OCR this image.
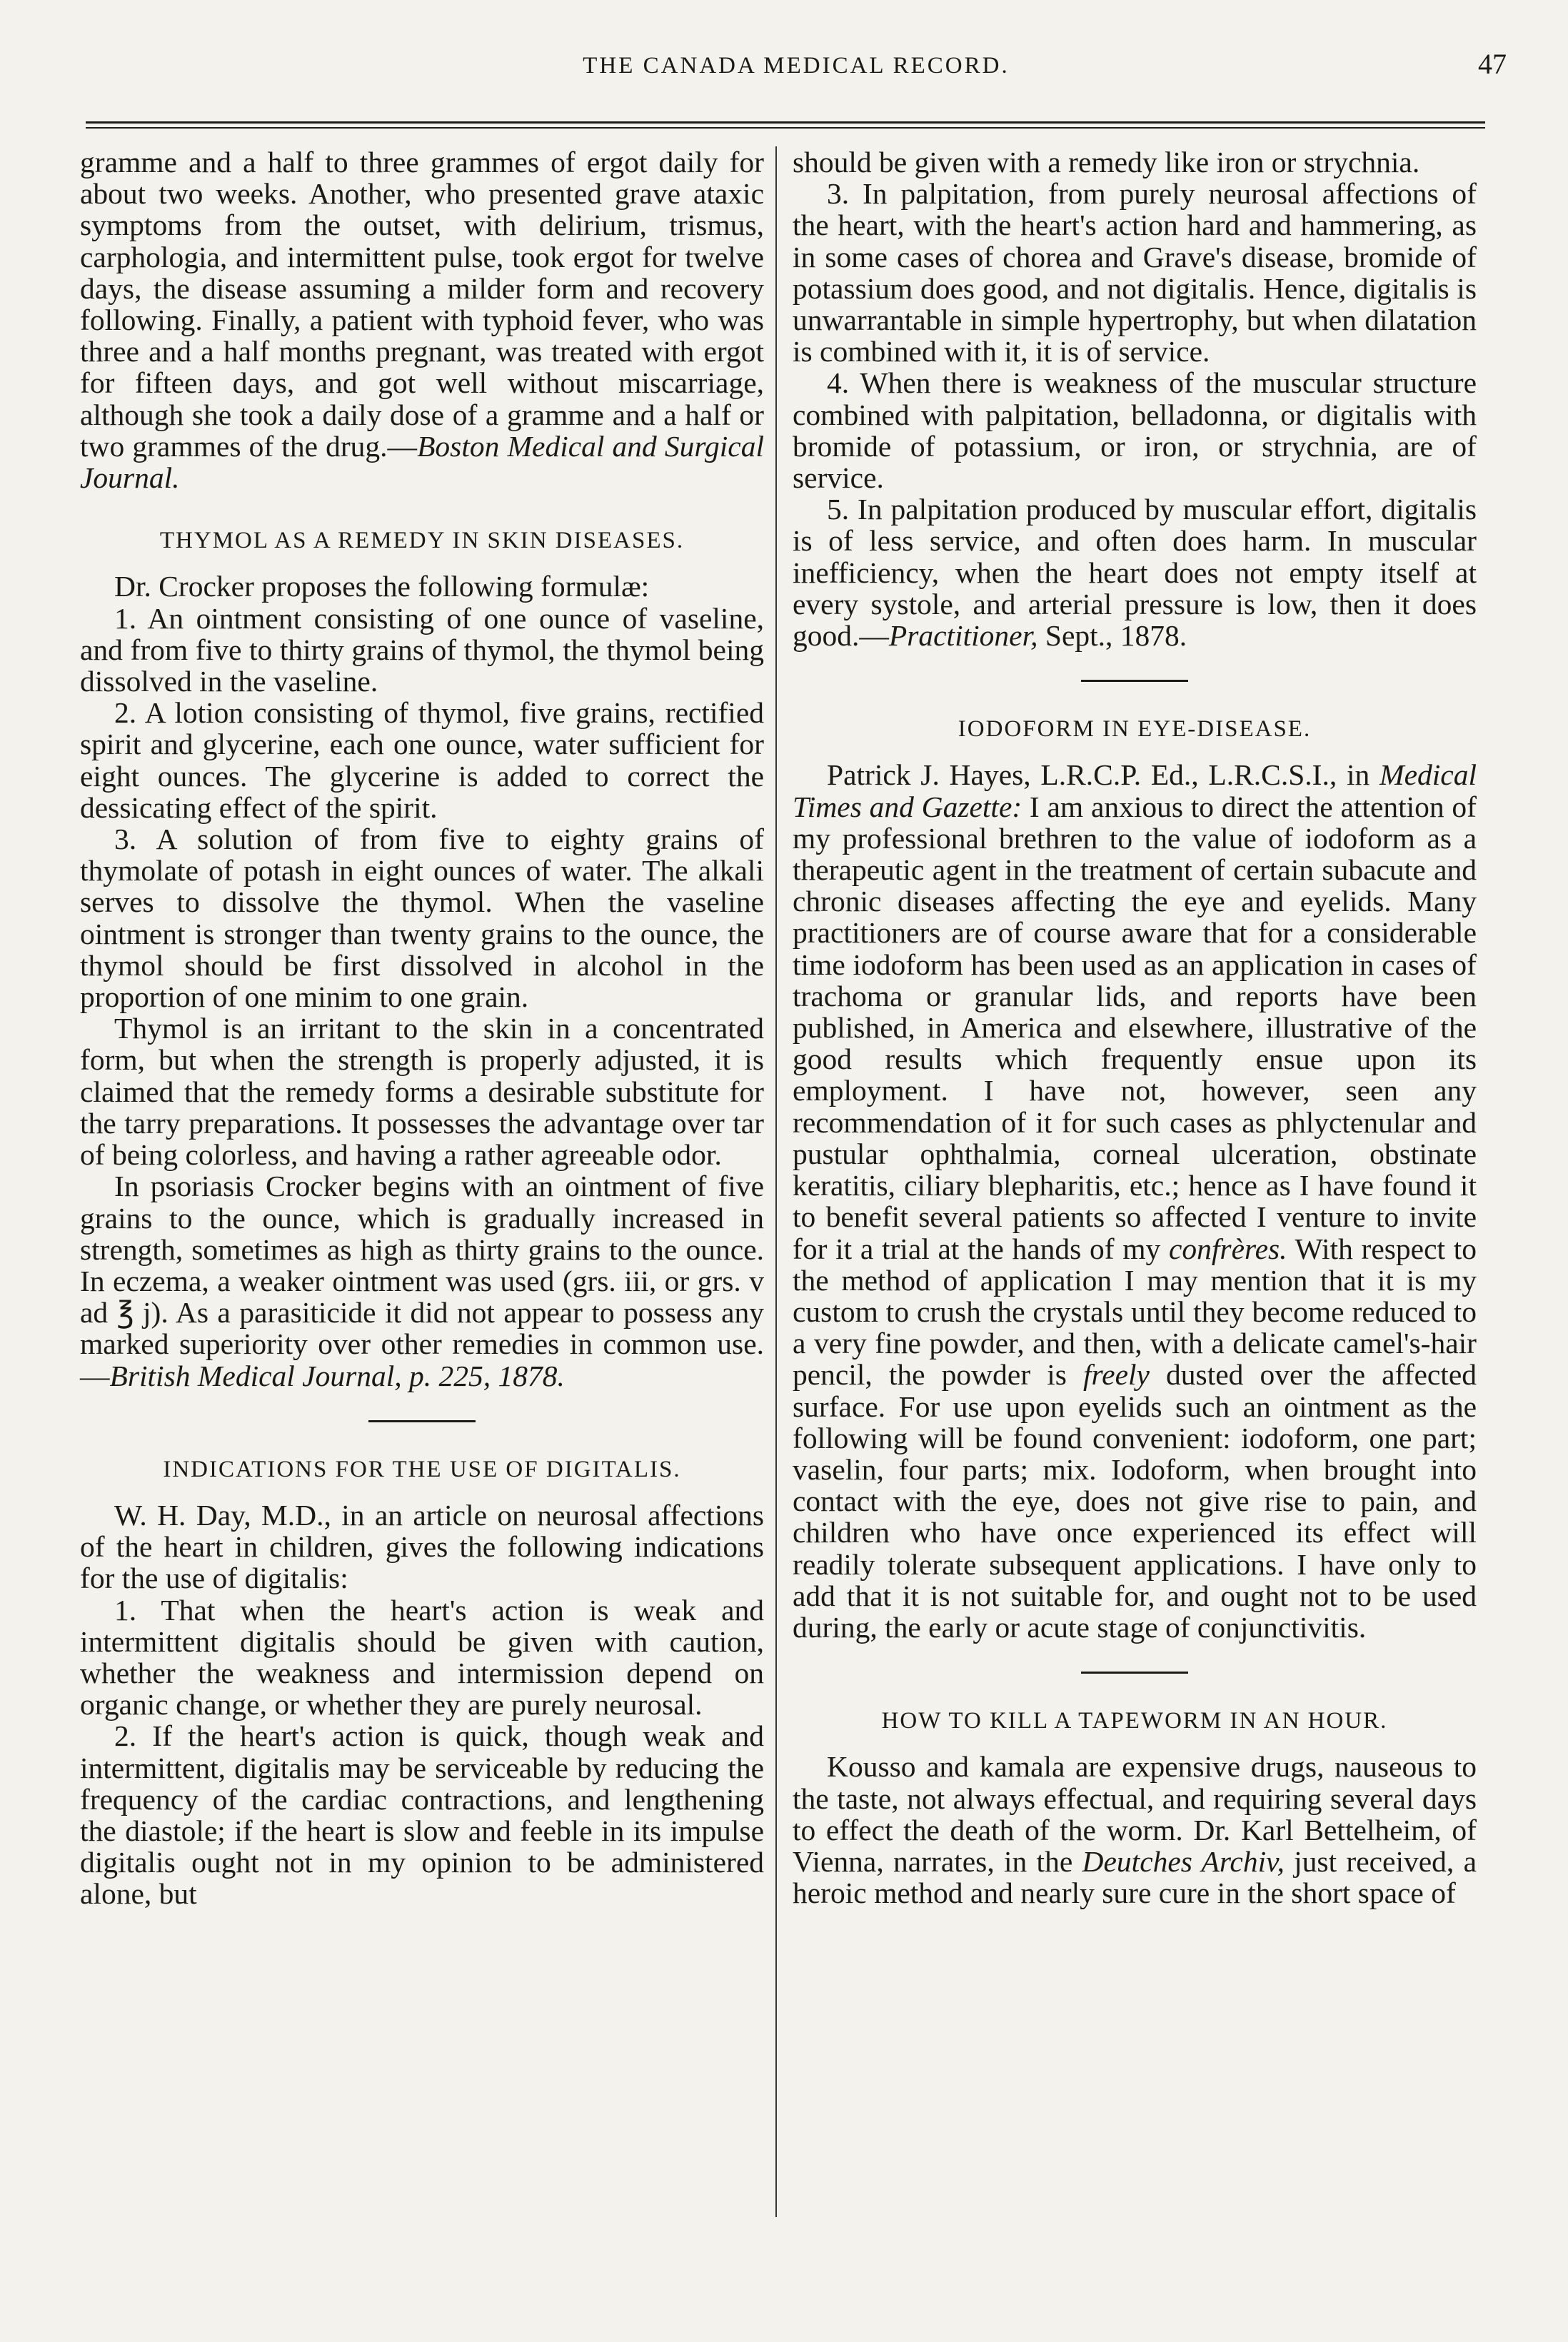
THE CANADA MEDICAL RECORD.	47

gramme and a half to three grammes of ergot daily for about two weeks. Another, who presented grave ataxic symptoms from the outset, with delirium, trismus, carphologia, and intermittent pulse, took ergot for twelve days, the disease assuming a milder form and recovery following. Finally, a patient with typhoid fever, who was three and a half months pregnant, was treated with ergot for fifteen days, and got well without miscarriage, although she took a daily dose of a gramme and a half or two grammes of the drug.—Boston Medical and Surgical Journal.

THYMOL AS A REMEDY IN SKIN DISEASES.

Dr. Crocker proposes the following formulæ:

1. An ointment consisting of one ounce of vaseline, and from five to thirty grains of thymol, the thymol being dissolved in the vaseline.

2. A lotion consisting of thymol, five grains, rectified spirit and glycerine, each one ounce, water sufficient for eight ounces. The glycerine is added to correct the dessicating effect of the spirit.

3. A solution of from five to eighty grains of thymolate of potash in eight ounces of water. The alkali serves to dissolve the thymol. When the vaseline ointment is stronger than twenty grains to the ounce, the thymol should be first dissolved in alcohol in the proportion of one minim to one grain.

Thymol is an irritant to the skin in a concentrated form, but when the strength is properly adjusted, it is claimed that the remedy forms a desirable substitute for the tarry preparations. It possesses the advantage over tar of being colorless, and having a rather agreeable odor.

In psoriasis Crocker begins with an ointment of five grains to the ounce, which is gradually increased in strength, sometimes as high as thirty grains to the ounce. In eczema, a weaker ointment was used (grs. iii, or grs. v ad ℥ j). As a parasiticide it did not appear to possess any marked superiority over other remedies in common use.—British Medical Journal, p. 225, 1878.

INDICATIONS FOR THE USE OF DIGITALIS.

W. H. Day, M.D., in an article on neurosal affections of the heart in children, gives the following indications for the use of digitalis:

1. That when the heart's action is weak and intermittent digitalis should be given with caution, whether the weakness and intermission depend on organic change, or whether they are purely neurosal.

2. If the heart's action is quick, though weak and intermittent, digitalis may be serviceable by reducing the frequency of the cardiac contractions, and lengthening the diastole; if the heart is slow and feeble in its impulse digitalis ought not in my opinion to be administered alone, but

should be given with a remedy like iron or strychnia.

3. In palpitation, from purely neurosal affections of the heart, with the heart's action hard and hammering, as in some cases of chorea and Grave's disease, bromide of potassium does good, and not digitalis. Hence, digitalis is unwarrantable in simple hypertrophy, but when dilatation is combined with it, it is of service.

4. When there is weakness of the muscular structure combined with palpitation, belladonna, or digitalis with bromide of potassium, or iron, or strychnia, are of service.

5. In palpitation produced by muscular effort, digitalis is of less service, and often does harm. In muscular inefficiency, when the heart does not empty itself at every systole, and arterial pressure is low, then it does good.—Practitioner, Sept., 1878.

IODOFORM IN EYE-DISEASE.

Patrick J. Hayes, L.R.C.P. Ed., L.R.C.S.I., in Medical Times and Gazette: I am anxious to direct the attention of my professional brethren to the value of iodoform as a therapeutic agent in the treatment of certain subacute and chronic diseases affecting the eye and eyelids. Many practitioners are of course aware that for a considerable time iodoform has been used as an application in cases of trachoma or granular lids, and reports have been published, in America and elsewhere, illustrative of the good results which frequently ensue upon its employment. I have not, however, seen any recommendation of it for such cases as phlyctenular and pustular ophthalmia, corneal ulceration, obstinate keratitis, ciliary blepharitis, etc.; hence as I have found it to benefit several patients so affected I venture to invite for it a trial at the hands of my confrères. With respect to the method of application I may mention that it is my custom to crush the crystals until they become reduced to a very fine powder, and then, with a delicate camel's-hair pencil, the powder is freely dusted over the affected surface. For use upon eyelids such an ointment as the following will be found convenient: iodoform, one part; vaselin, four parts; mix. Iodoform, when brought into contact with the eye, does not give rise to pain, and children who have once experienced its effect will readily tolerate subsequent applications. I have only to add that it is not suitable for, and ought not to be used during, the early or acute stage of conjunctivitis.

HOW TO KILL A TAPEWORM IN AN HOUR.

Kousso and kamala are expensive drugs, nauseous to the taste, not always effectual, and requiring several days to effect the death of the worm. Dr. Karl Bettelheim, of Vienna, narrates, in the Deutches Archiv, just received, a heroic method and nearly sure cure in the short space of
